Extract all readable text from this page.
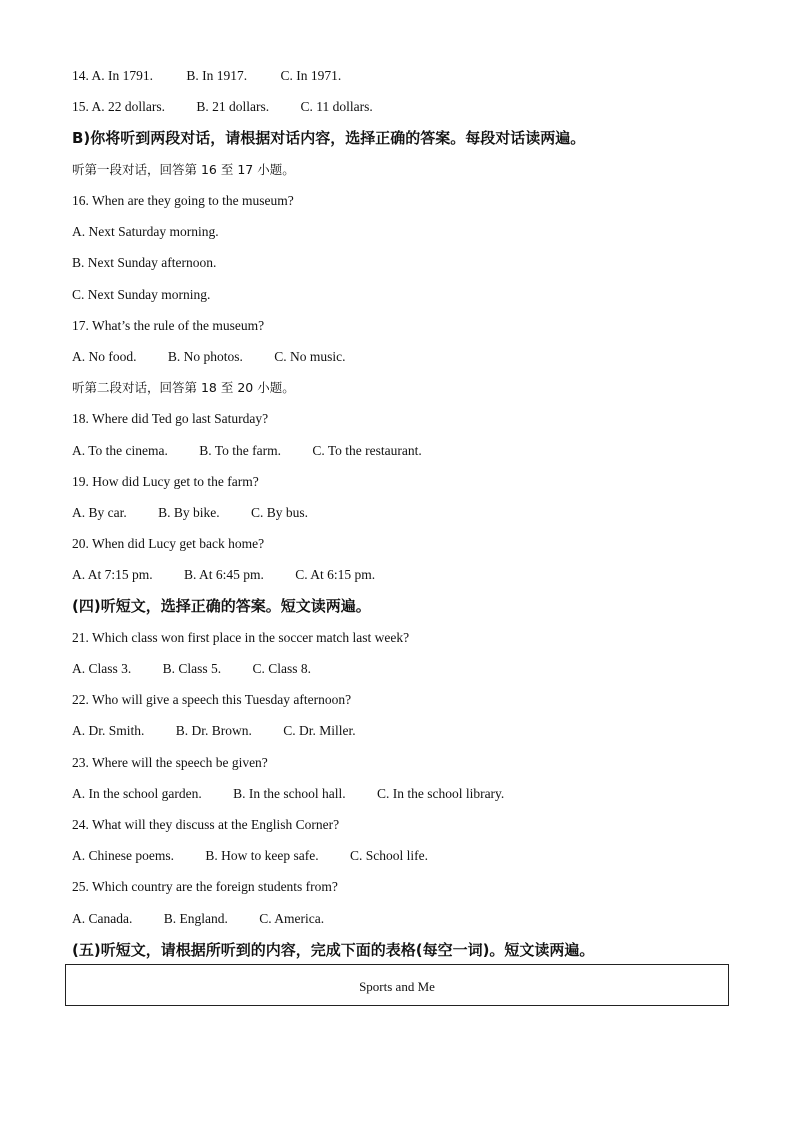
14. A. In 1791. B. In 1917. C. In 1971.
15. A. 22 dollars. B. 21 dollars. C. 11 dollars.
B)你将听到两段对话，请根据对话内容，选择正确的答案。每段对话读两遍。
听第一段对话，回答第 16 至 17 小题。
16. When are they going to the museum?
A. Next Saturday morning.
B. Next Sunday afternoon.
C. Next Sunday morning.
17. What’s the rule of the museum?
A. No food. B. No photos. C. No music.
听第二段对话，回答第 18 至 20 小题。
18. Where did Ted go last Saturday?
A. To the cinema. B. To the farm. C. To the restaurant.
19. How did Lucy get to the farm?
A. By car. B. By bike. C. By bus.
20. When did Lucy get back home?
A. At 7:15 pm. B. At 6:45 pm. C. At 6:15 pm.
(四)听短文，选择正确的答案。短文读两遍。
21. Which class won first place in the soccer match last week?
A. Class 3. B. Class 5. C. Class 8.
22. Who will give a speech this Tuesday afternoon?
A. Dr. Smith. B. Dr. Brown. C. Dr. Miller.
23. Where will the speech be given?
A. In the school garden. B. In the school hall. C. In the school library.
24. What will they discuss at the English Corner?
A. Chinese poems. B. How to keep safe. C. School life.
25. Which country are the foreign students from?
A. Canada. B. England. C. America.
(五)听短文，请根据所听到的内容，完成下面的表格(每空一词)。短文读两遍。
Sports and Me
